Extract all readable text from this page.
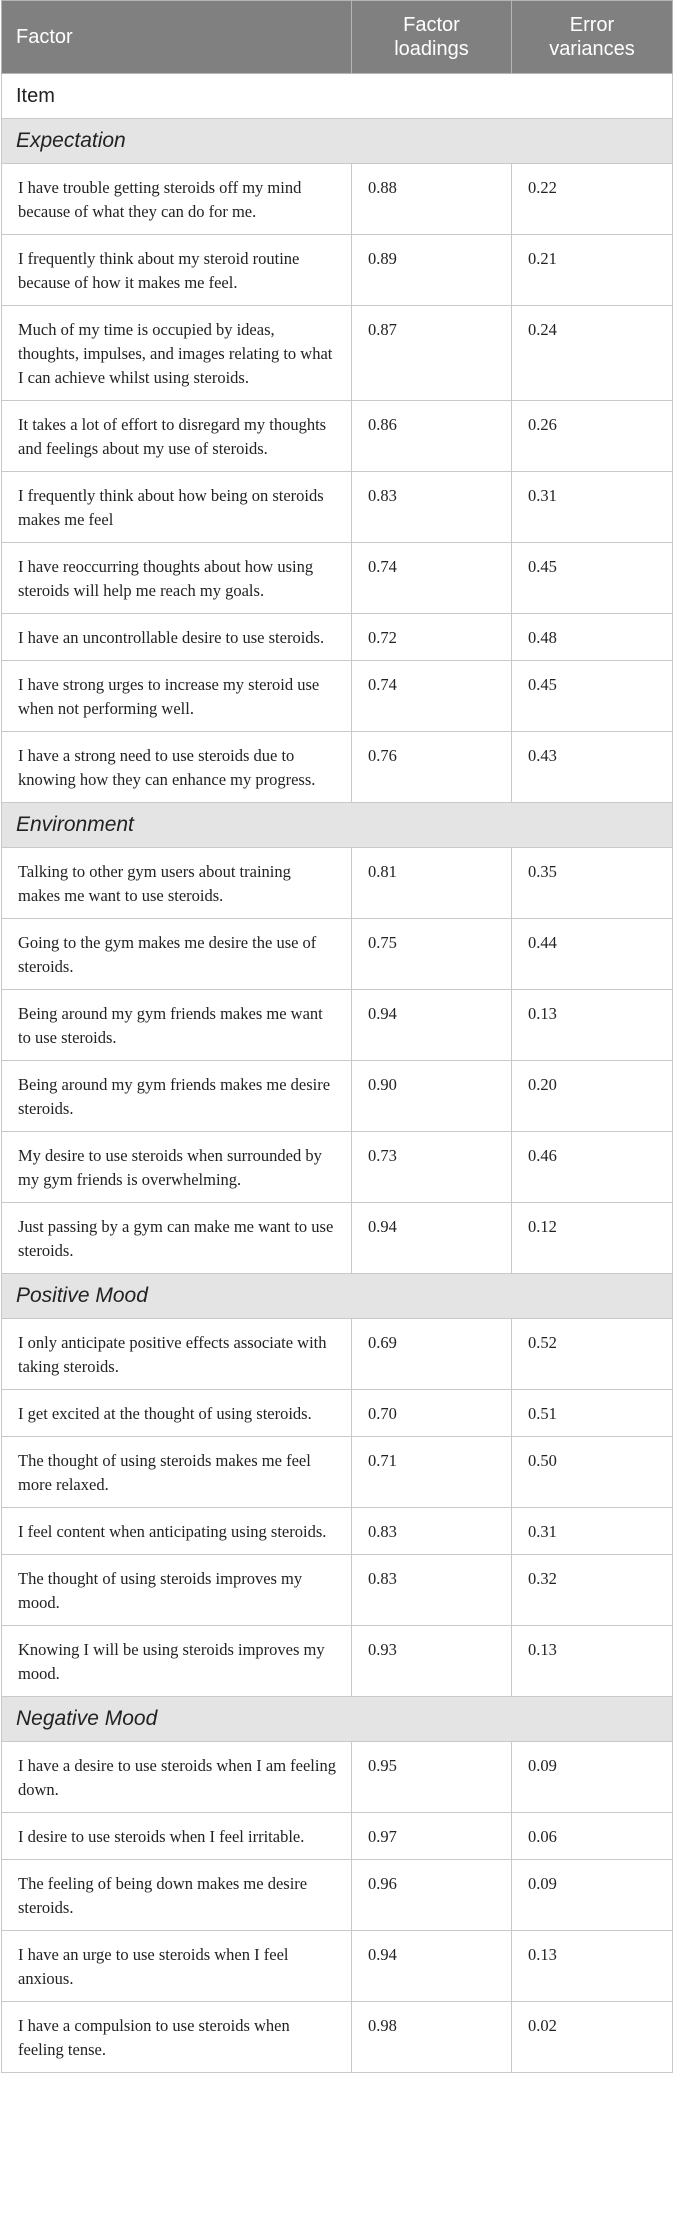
Factor	Factor loadings	Error variances
Item		
Expectation		
I have trouble getting steroids off my mind because of what they can do for me.	0.88	0.22
I frequently think about my steroid routine because of how it makes me feel.	0.89	0.21
Much of my time is occupied by ideas, thoughts, impulses, and images relating to what I can achieve whilst using steroids.	0.87	0.24
It takes a lot of effort to disregard my thoughts and feelings about my use of steroids.	0.86	0.26
I frequently think about how being on steroids makes me feel	0.83	0.31
I have reoccurring thoughts about how using steroids will help me reach my goals.	0.74	0.45
I have an uncontrollable desire to use steroids.	0.72	0.48
I have strong urges to increase my steroid use when not performing well.	0.74	0.45
I have a strong need to use steroids due to knowing how they can enhance my progress.	0.76	0.43
Environment		
Talking to other gym users about training makes me want to use steroids.	0.81	0.35
Going to the gym makes me desire the use of steroids.	0.75	0.44
Being around my gym friends makes me want to use steroids.	0.94	0.13
Being around my gym friends makes me desire steroids.	0.90	0.20
My desire to use steroids when surrounded by my gym friends is overwhelming.	0.73	0.46
Just passing by a gym can make me want to use steroids.	0.94	0.12
Positive Mood		
I only anticipate positive effects associate with taking steroids.	0.69	0.52
I get excited at the thought of using steroids.	0.70	0.51
The thought of using steroids makes me feel more relaxed.	0.71	0.50
I feel content when anticipating using steroids.	0.83	0.31
The thought of using steroids improves my mood.	0.83	0.32
Knowing I will be using steroids improves my mood.	0.93	0.13
Negative Mood		
I have a desire to use steroids when I am feeling down.	0.95	0.09
I desire to use steroids when I feel irritable.	0.97	0.06
The feeling of being down makes me desire steroids.	0.96	0.09
I have an urge to use steroids when I feel anxious.	0.94	0.13
I have a compulsion to use steroids when feeling tense.	0.98	0.02
